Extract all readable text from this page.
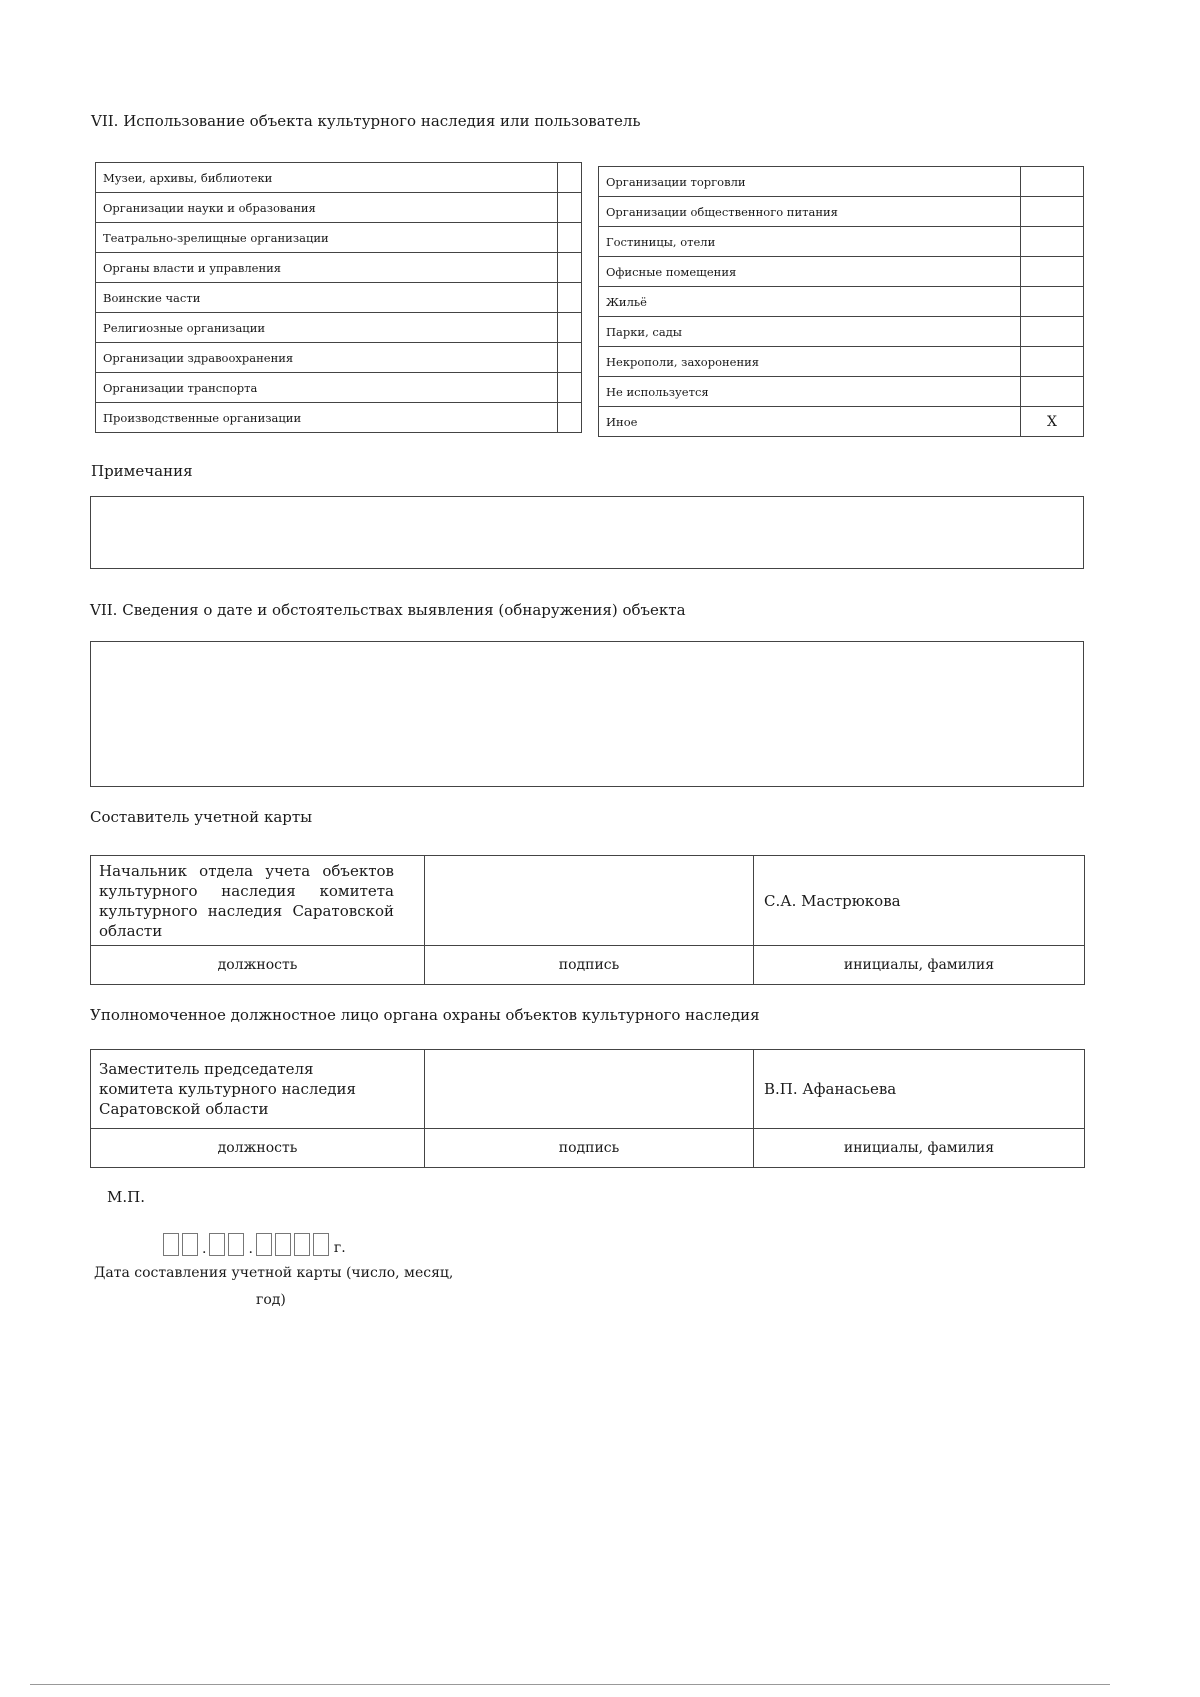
VII. Использование объекта культурного наследия или пользователь
Музеи, архивы, библиотеки	
Организации науки и образования	
Театрально-зрелищные организации	
Органы власти и управления	
Воинские части	
Религиозные организации	
Организации здравоохранения	
Организации транспорта	
Производственные организации	
Организации торговли	
Организации общественного питания	
Гостиницы, отели	
Офисные помещения	
Жильё	
Парки, сады	
Некрополи, захоронения	
Не используется	
Иное	X
Примечания
VII. Сведения о дате и обстоятельствах выявления (обнаружения) объекта
Составитель учетной карты
Начальник отдела учета объектов культурного наследия комитета культурного наследия Саратовской области		С.А. Мастрюкова
должность	подпись	инициалы, фамилия
Уполномоченное должностное лицо органа охраны объектов культурного наследия
Заместитель председателя комитета культурного наследия Саратовской области		В.П. Афанасьева
должность	подпись	инициалы, фамилия
М.П.
.	.	г.
Дата составления учетной карты (число, месяц,
год)
